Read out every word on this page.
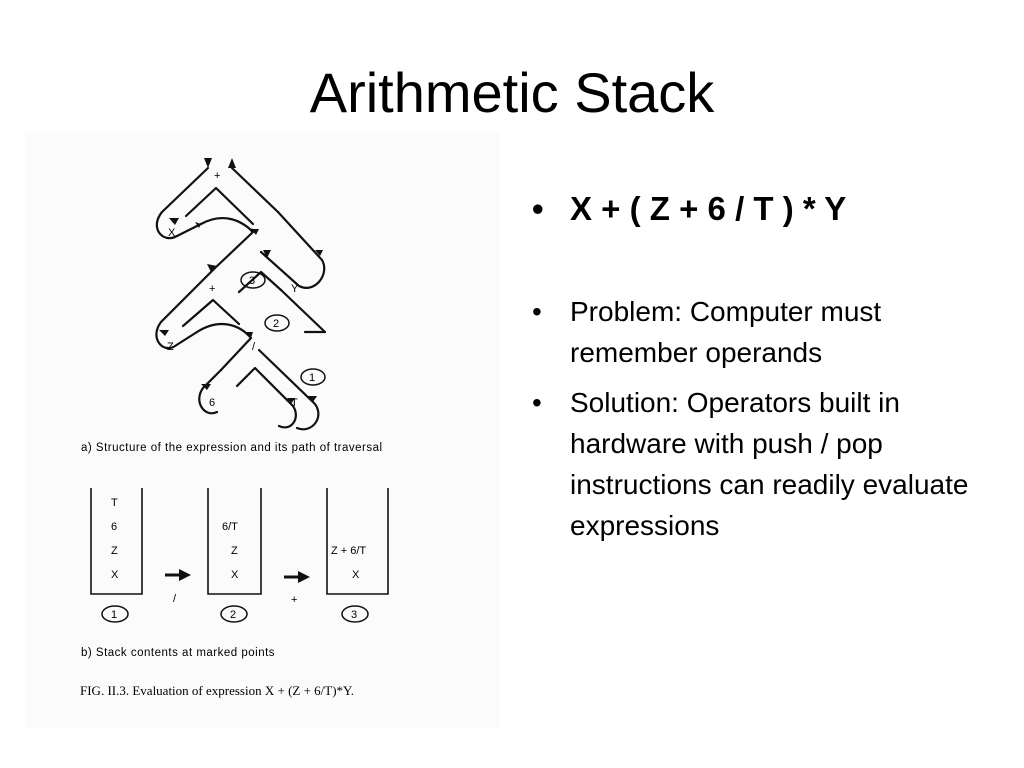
Arithmetic Stack
+
X	*
+	Y
Z	/
6	T
3
2
1
a) Structure of the expression and its path of traversal
T
6
Z
X
6/T
Z
X
Z + 6/T
X
/	+
1	2	3
b) Stack contents at marked points
FIG. II.3. Evaluation of expression X + (Z + 6/T)*Y.
• X + ( Z + 6 / T ) * Y
• Problem: Computer must remember operands
• Solution: Operators built in hardware with push / pop instructions can readily evaluate expressions
